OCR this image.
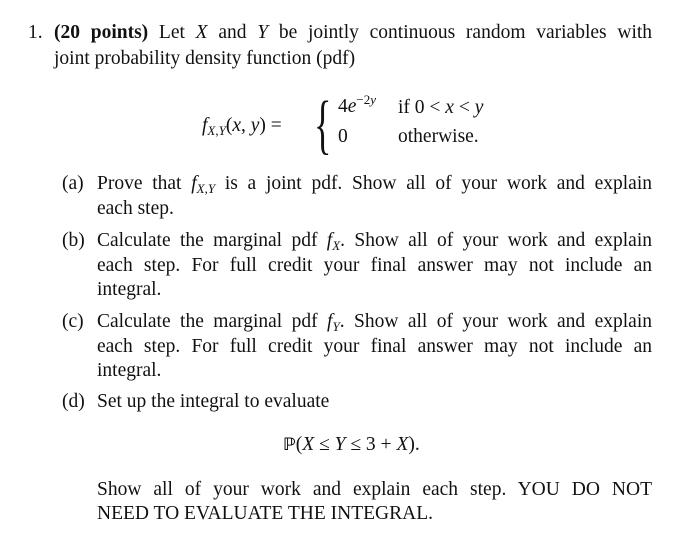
1. (20 points) Let X and Y be jointly continuous random variables with
joint probability density function (pdf)
$f_{X,Y}(x$, y) = { $4e^{-2y}$ if 0 < x < y
0	otherwise.
(a) Prove that $f_{X,Y}$ is a joint pdf. Show all of your work and explain
each step.
(b) Calculate the marginal pdf $f_X$. Show all of your work and explain
each step. For full credit your final answer may not include an
integral.
(c) Calculate the marginal pdf $f_Y$. Show all of your work and explain
each step. For full credit your final answer may not include an
integral.
(d) Set up the integral to evaluate
ℙ(X ≤ Y ≤ 3 + X).
Show all of your work and explain each step. YOU DO NOT
NEED TO EVALUATE THE INTEGRAL.
